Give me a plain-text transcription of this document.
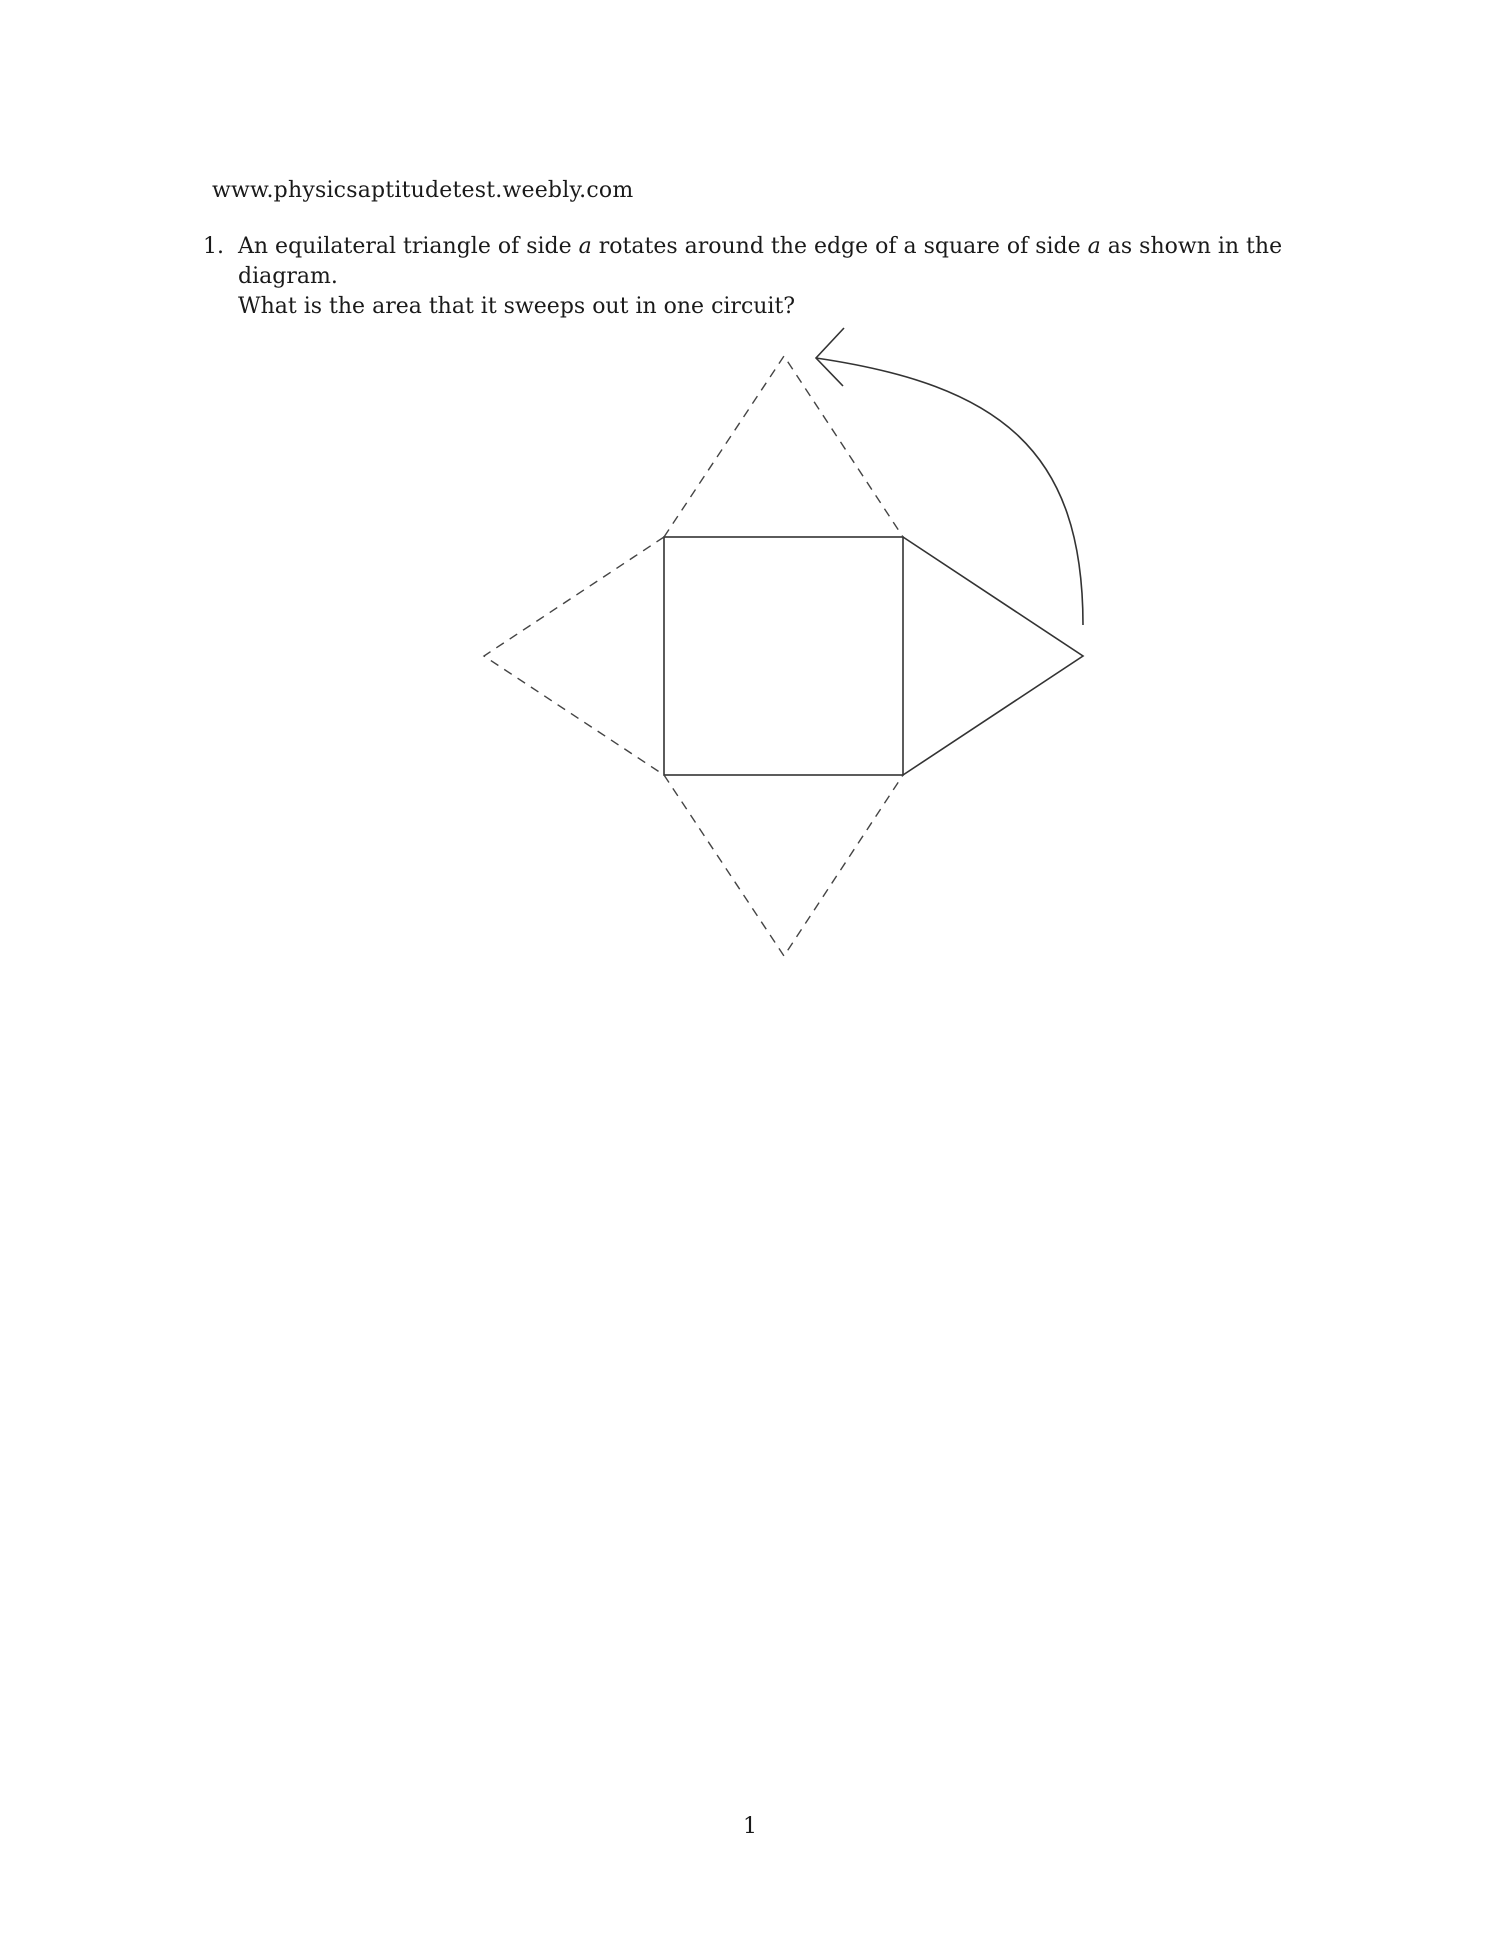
www.physicsaptitudetest.weebly.com
1. An equilateral triangle of side a rotates around the edge of a square of side a as shown in the diagram.
What is the area that it sweeps out in one circuit?
1
